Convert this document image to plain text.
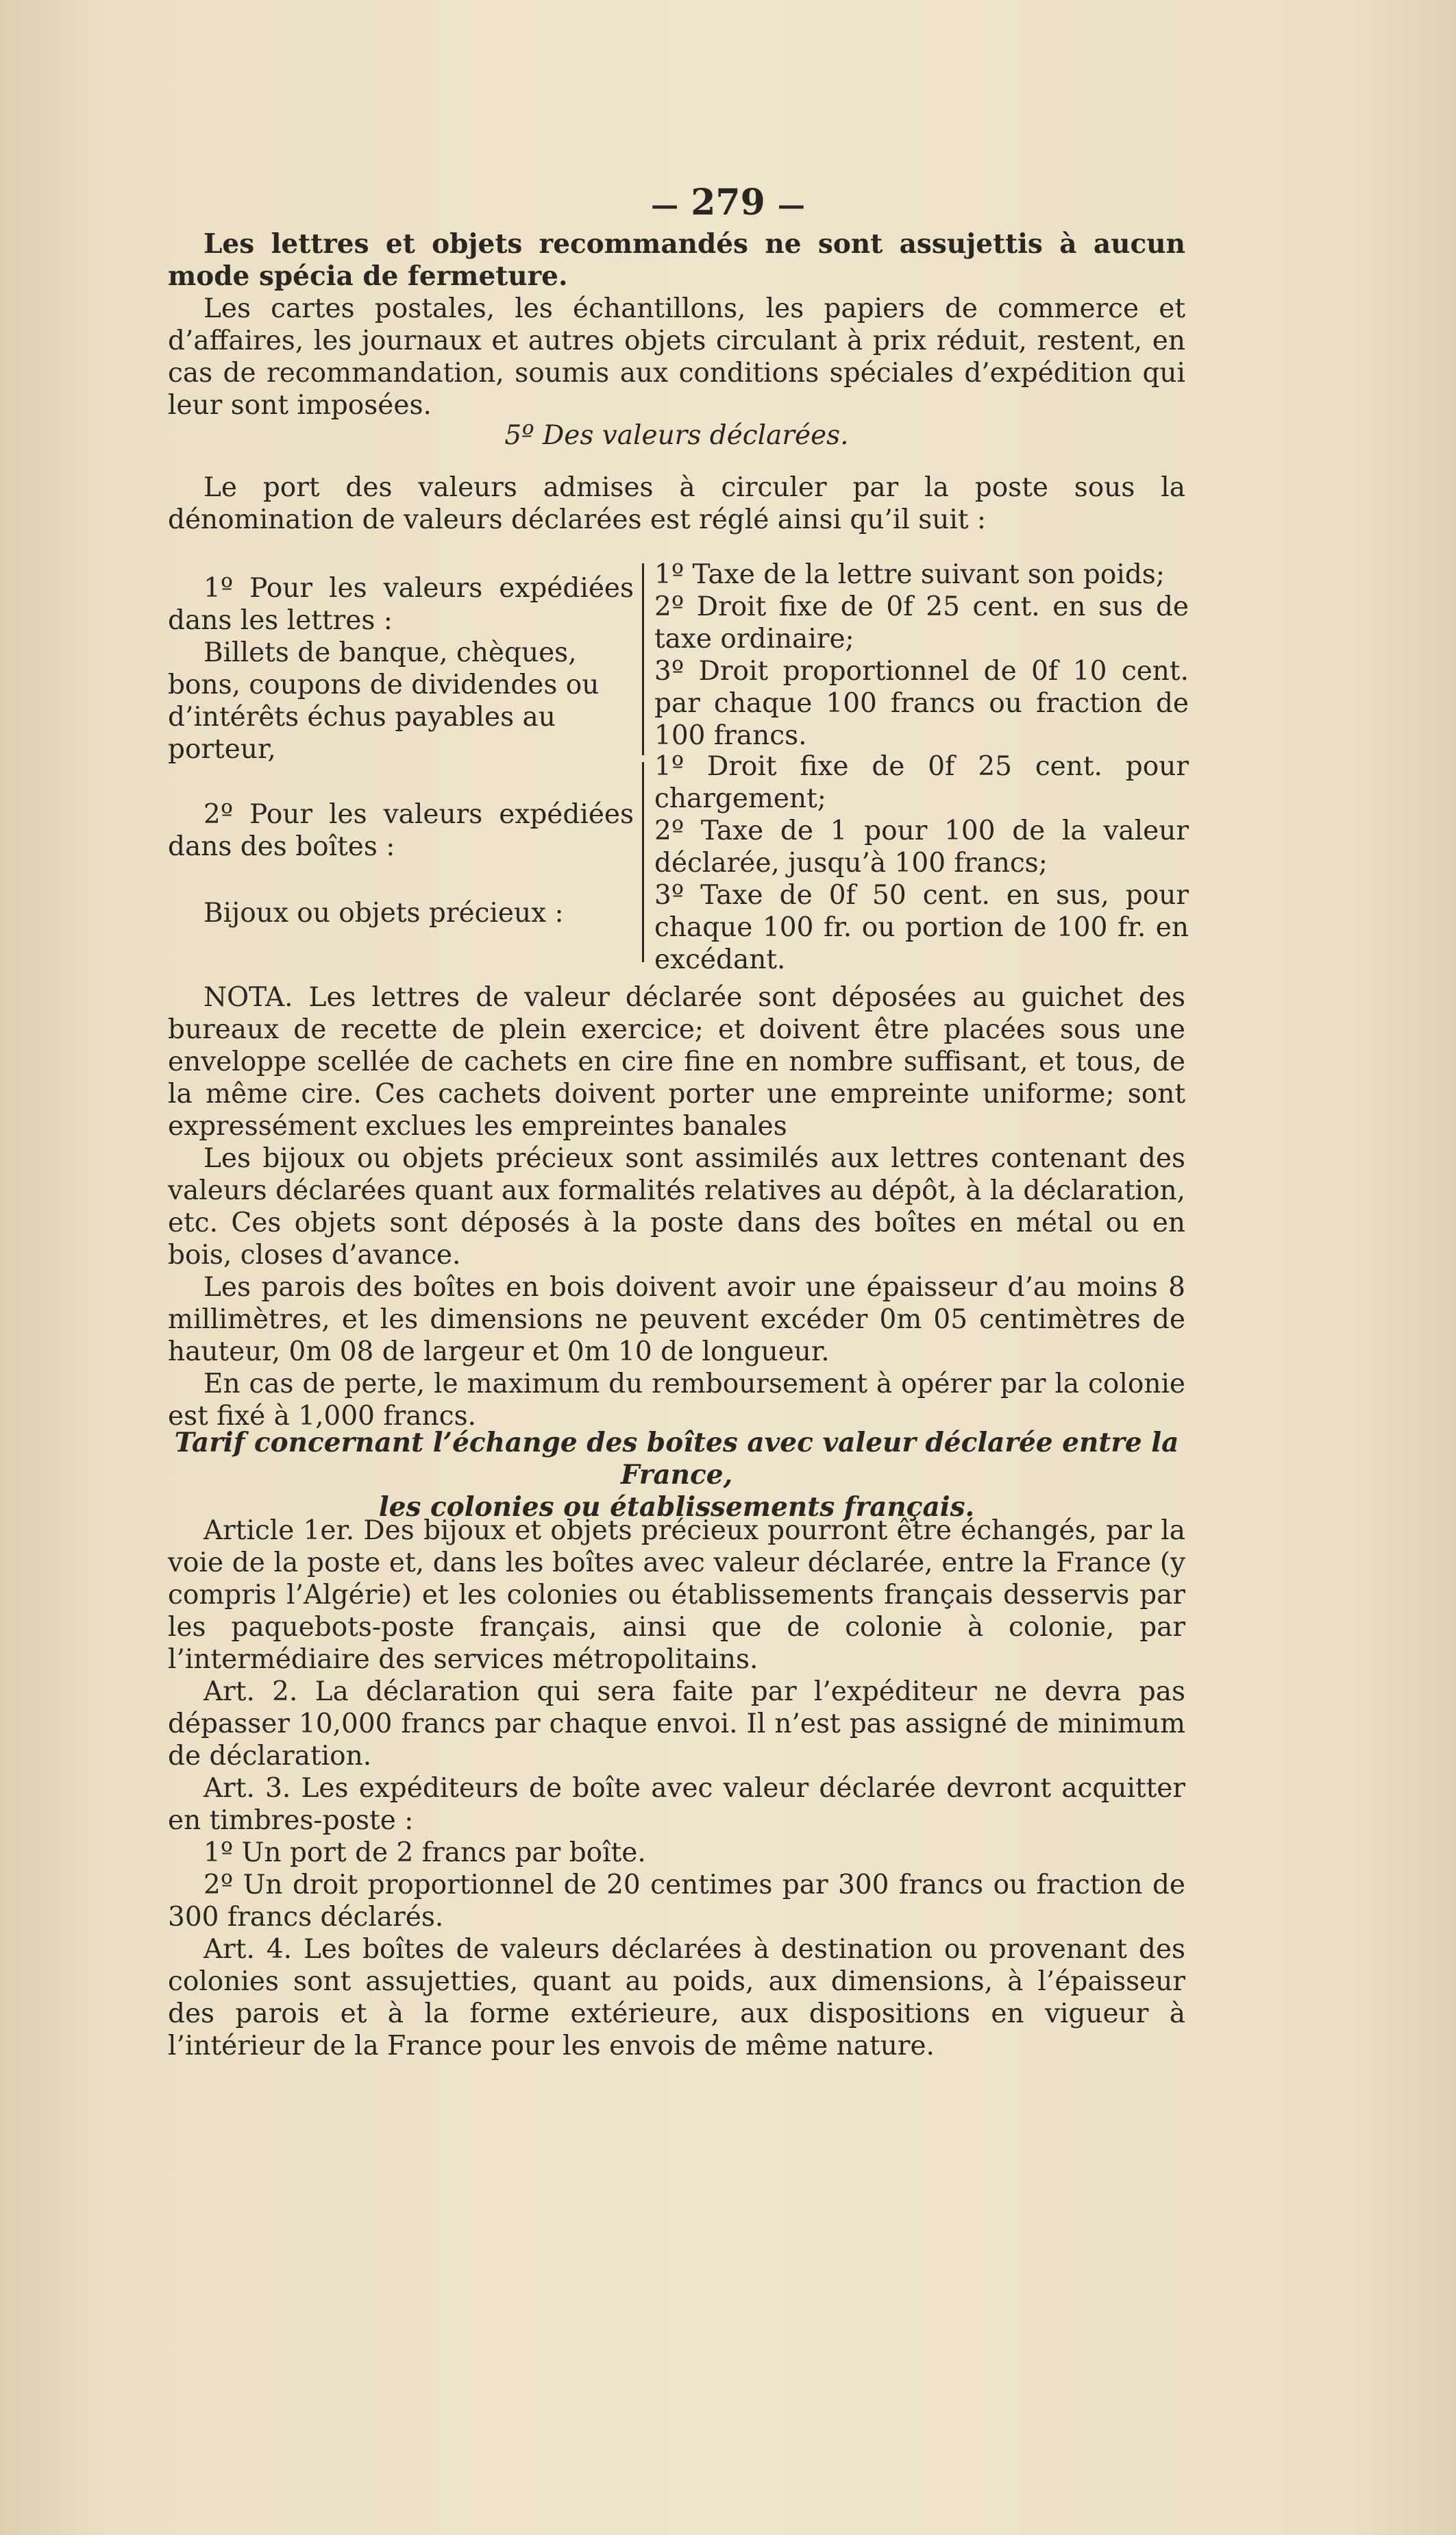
— 279 —

Les lettres et objets recommandés ne sont assujettis à aucun mode spécia de fermeture.

Les cartes postales, les échantillons, les papiers de commerce et d’affaires, les journaux et autres objets circulant à prix réduit, restent, en cas de recommandation, soumis aux conditions spéciales d’expédition qui leur sont imposées.

5º Des valeurs déclarées.

Le port des valeurs admises à circuler par la poste sous la dénomination de valeurs déclarées est réglé ainsi qu’il suit :

1º Pour les valeurs expédiées dans les lettres :

Billets de banque, chèques, bons, coupons de dividendes ou d’intérêts échus payables au porteur,

1º Taxe de la lettre suivant son poids;

2º Droit fixe de 0f 25 cent. en sus de taxe ordinaire;

3º Droit proportionnel de 0f 10 cent. par chaque 100 francs ou fraction de 100 francs.

2º Pour les valeurs expédiées dans des boîtes :

Bijoux ou objets précieux :

1º Droit fixe de 0f 25 cent. pour chargement;

2º Taxe de 1 pour 100 de la valeur déclarée, jusqu’à 100 francs;

3º Taxe de 0f 50 cent. en sus, pour chaque 100 fr. ou portion de 100 fr. en excédant.

NOTA. Les lettres de valeur déclarée sont déposées au guichet des bureaux de recette de plein exercice; et doivent être placées sous une enveloppe scellée de cachets en cire fine en nombre suffisant, et tous, de la même cire. Ces cachets doivent porter une empreinte uniforme; sont expressément exclues les empreintes banales

Les bijoux ou objets précieux sont assimilés aux lettres contenant des valeurs déclarées quant aux formalités relatives au dépôt, à la déclaration, etc. Ces objets sont déposés à la poste dans des boîtes en métal ou en bois, closes d’avance.

Les parois des boîtes en bois doivent avoir une épaisseur d’au moins 8 millimètres, et les dimensions ne peuvent excéder 0m 05 centimètres de hauteur, 0m 08 de largeur et 0m 10 de longueur.

En cas de perte, le maximum du remboursement à opérer par la colonie est fixé à 1,000 francs.

Tarif concernant l’échange des boîtes avec valeur déclarée entre la France,

les colonies ou établissements français.

Article 1er. Des bijoux et objets précieux pourront être échangés, par la voie de la poste et, dans les boîtes avec valeur déclarée, entre la France (y compris l’Algérie) et les colonies ou établissements français desservis par les paquebots-poste français, ainsi que de colonie à colonie, par l’intermédiaire des services métropolitains.

Art. 2. La déclaration qui sera faite par l’expéditeur ne devra pas dépasser 10,000 francs par chaque envoi. Il n’est pas assigné de minimum de déclaration.

Art. 3. Les expéditeurs de boîte avec valeur déclarée devront acquitter en timbres-poste :

1º Un port de 2 francs par boîte.

2º Un droit proportionnel de 20 centimes par 300 francs ou fraction de 300 francs déclarés.

Art. 4. Les boîtes de valeurs déclarées à destination ou provenant des colonies sont assujetties, quant au poids, aux dimensions, à l’épaisseur des parois et à la forme extérieure, aux dispositions en vigueur à l’intérieur de la France pour les envois de même nature.
